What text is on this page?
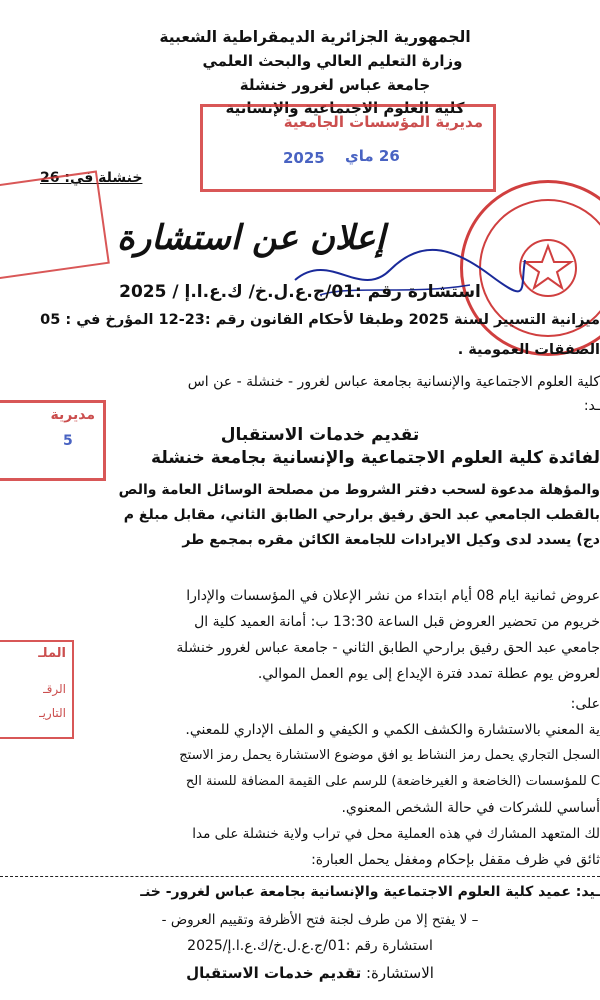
الجمهورية الجزائرية الديمقراطية الشعبية
وزارة التعليم العالي والبحث العلمي
جامعة عباس لغرور خنشلة
كلية العلوم الاجتماعية والإنسانية
مديرية المؤسسات الجامعية
2025 26 ماي
خنشلة في: 26
إعلان عن استشارة
استشارة رقم :01/ج.ع.ل.خ/ ك.ع.ا.إ / 2025
ميزانية التسيير لسنة 2025 وطبقا لأحكام القانون رقم :23-12 المؤرخ في : 05
الصفقات العمومية .
كلية العلوم الاجتماعية والإنسانية بجامعة عباس لغرور - خنشلة - عن اس
ـد:
مديرية
5	تقديم خدمات الاستقبال
لفائدة كلية العلوم الاجتماعية والإنسانية بجامعة خنشلة
والمؤهلة مدعوة لسحب دفتر الشروط من مصلحة الوسائل العامة والص
بالقطب الجامعي عبد الحق رفيق برارحي الطابق الثاني، مقابل مبلغ م
دج) يسدد لدى وكيل الايرادات للجامعة الكائن مقره بمجمع طر
عروض ثمانية ايام 08 أيام ابتداء من نشر الإعلان في المؤسسات والإدارا
خريوم من تحضير العروض قبل الساعة 13:30 ب: أمانة العميد كلية ال
جامعي عبد الحق رفيق برارحي الطابق الثاني - جامعة عباس لغرور خنشلة
لعروض يوم عطلة تمدد فترة الإيداع إلى يوم العمل الموالي.
على:
ية المعني بالاستشارة والكشف الكمي و الكيفي و الملف الإداري للمعني.
السجل التجاري يحمل رمز النشاط يو افق موضوع الاستشارة يحمل رمز الاستج
C للمؤسسات (الخاضعة و الغيرخاضعة) للرسم على القيمة المضافة للسنة الح
أساسي للشركات في حالة الشخص المعنوي.
لك المتعهد المشارك في هذه العملية محل في تراب ولاية خنشلة على مدا
ثائق في ظرف مقفل بإحكام ومغفل يحمل العبارة:
الملـ
الرقـ
التاريـ
ـيد: عميد كلية العلوم الاجتماعية والإنسانية بجامعة عباس لغرور- خنـ
– لا يفتح إلا من طرف لجنة فتح الأظرفة وتقييم العروض -
استشارة رقم :01/ج.ع.ل.خ/ك.ع.ا.إ/2025
الاستشارة: تقديم خدمات الاستقبال
